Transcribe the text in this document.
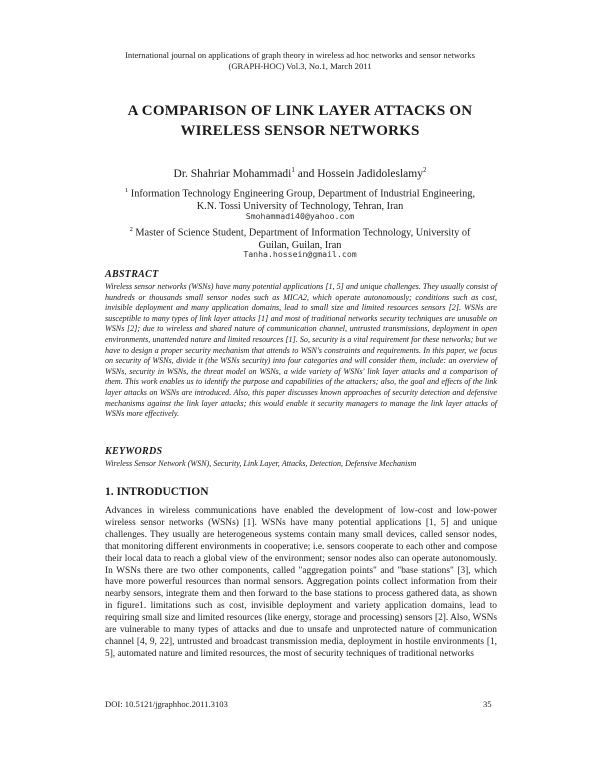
International journal on applications of graph theory in wireless ad hoc networks and sensor networks
(GRAPH-HOC) Vol.3, No.1, March 2011
A COMPARISON OF LINK LAYER ATTACKS ON
WIRELESS SENSOR NETWORKS
Dr. Shahriar Mohammadi$^1$ and Hossein Jadidoleslamy$^2$
$^1$ Information Technology Engineering Group, Department of Industrial Engineering,
K.N. Tossi University of Technology, Tehran, Iran
Smohammadi40@yahoo.com
$^2$ Master of Science Student, Department of Information Technology, University of
Guilan, Guilan, Iran
Tanha.hossein@gmail.com
ABSTRACT
Wireless sensor networks (WSNs) have many potential applications [1, 5] and unique challenges. They usually consist of hundreds or thousands small sensor nodes such as MICA2, which operate autonomously; conditions such as cost, invisible deployment and many application domains, lead to small size and limited resources sensors [2]. WSNs are susceptible to many types of link layer attacks [1] and most of traditional networks security techniques are unusable on WSNs [2]; due to wireless and shared nature of communication channel, untrusted transmissions, deployment in open environments, unattended nature and limited resources [1]. So, security is a vital requirement for these networks; but we have to design a proper security mechanism that attends to WSN's constraints and requirements. In this paper, we focus on security of WSNs, divide it (the WSNs security) into four categories and will consider them, include: an overview of WSNs, security in WSNs, the threat model on WSNs, a wide variety of WSNs' link layer attacks and a comparison of them. This work enables us to identify the purpose and capabilities of the attackers; also, the goal and effects of the link layer attacks on WSNs are introduced. Also, this paper discusses known approaches of security detection and defensive mechanisms against the link layer attacks; this would enable it security managers to manage the link layer attacks of WSNs more effectively.
KEYWORDS
Wireless Sensor Network (WSN), Security, Link Layer, Attacks, Detection, Defensive Mechanism
1. INTRODUCTION
Advances in wireless communications have enabled the development of low-cost and low-power wireless sensor networks (WSNs) [1]. WSNs have many potential applications [1, 5] and unique challenges. They usually are heterogeneous systems contain many small devices, called sensor nodes, that monitoring different environments in cooperative; i.e. sensors cooperate to each other and compose their local data to reach a global view of the environment; sensor nodes also can operate autonomously. In WSNs there are two other components, called "aggregation points" and "base stations" [3], which have more powerful resources than normal sensors. Aggregation points collect information from their nearby sensors, integrate them and then forward to the base stations to process gathered data, as shown in figure1. limitations such as cost, invisible deployment and variety application domains, lead to requiring small size and limited resources (like energy, storage and processing) sensors [2]. Also, WSNs are vulnerable to many types of attacks and due to unsafe and unprotected nature of communication channel [4, 9, 22], untrusted and broadcast transmission media, deployment in hostile environments [1, 5], automated nature and limited resources, the most of security techniques of traditional networks
DOI: 10.5121/jgraphhoc.2011.3103	35
